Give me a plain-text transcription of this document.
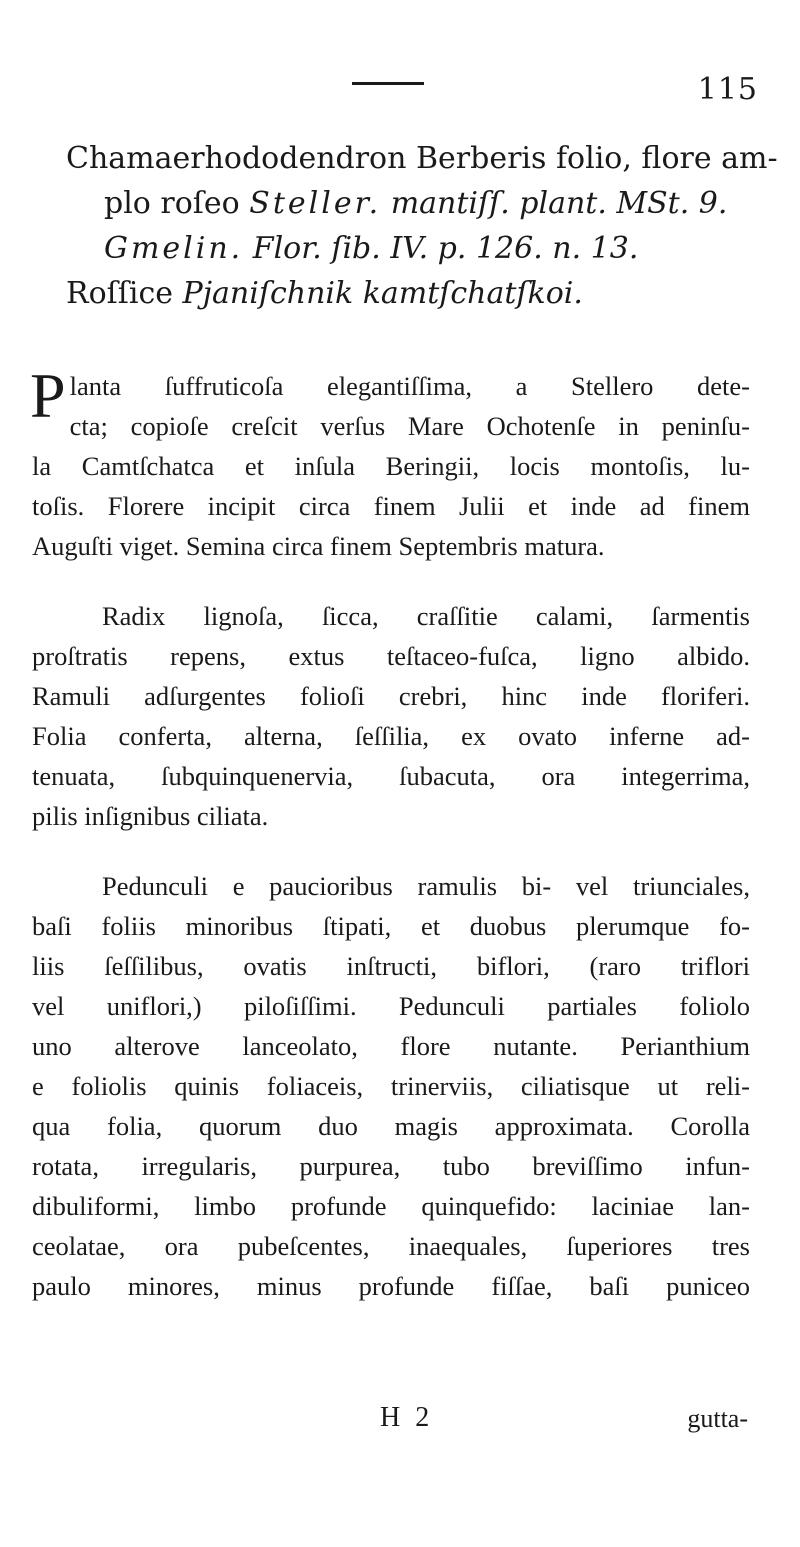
115
Chamaerhododendron Berberis folio, flore am-
plo roſeo Steller. mantiſſ. plant. MSt. 9.
Gmelin. Flor. ſib. IV. p. 126. n. 13.
Roſſice Pjaniſchnik kamtſchatſkoi.
P lanta ſuffruticoſa elegantiſſima, a Stellero dete-
cta; copioſe creſcit verſus Mare Ochotenſe in peninſu-
la Camtſchatca et inſula Beringii, locis montoſis, lu-
toſis. Florere incipit circa finem Julii et inde ad finem
Auguſti viget. Semina circa finem Septembris matura.
Radix lignoſa, ſicca, craſſitie calami, ſarmentis
proſtratis repens, extus teſtaceo-fuſca, ligno albido.
Ramuli adſurgentes folioſi crebri, hinc inde floriferi.
Folia conferta, alterna, ſeſſilia, ex ovato inferne ad-
tenuata, ſubquinquenervia, ſubacuta, ora integerrima,
pilis inſignibus ciliata.
Pedunculi e paucioribus ramulis bi- vel triunciales,
baſi foliis minoribus ſtipati, et duobus plerumque fo-
liis ſeſſilibus, ovatis inſtructi, biflori, (raro triflori
vel uniflori,) piloſiſſimi. Pedunculi partiales foliolo
uno alterove lanceolato, flore nutante. Perianthium
e foliolis quinis foliaceis, trinerviis, ciliatisque ut reli-
qua folia, quorum duo magis approximata. Corolla
rotata, irregularis, purpurea, tubo breviſſimo infun-
dibuliformi, limbo profunde quinquefido: laciniae lan-
ceolatae, ora pubeſcentes, inaequales, ſuperiores tres
paulo minores, minus profunde fiſſae, baſi puniceo
H 2	gutta-
